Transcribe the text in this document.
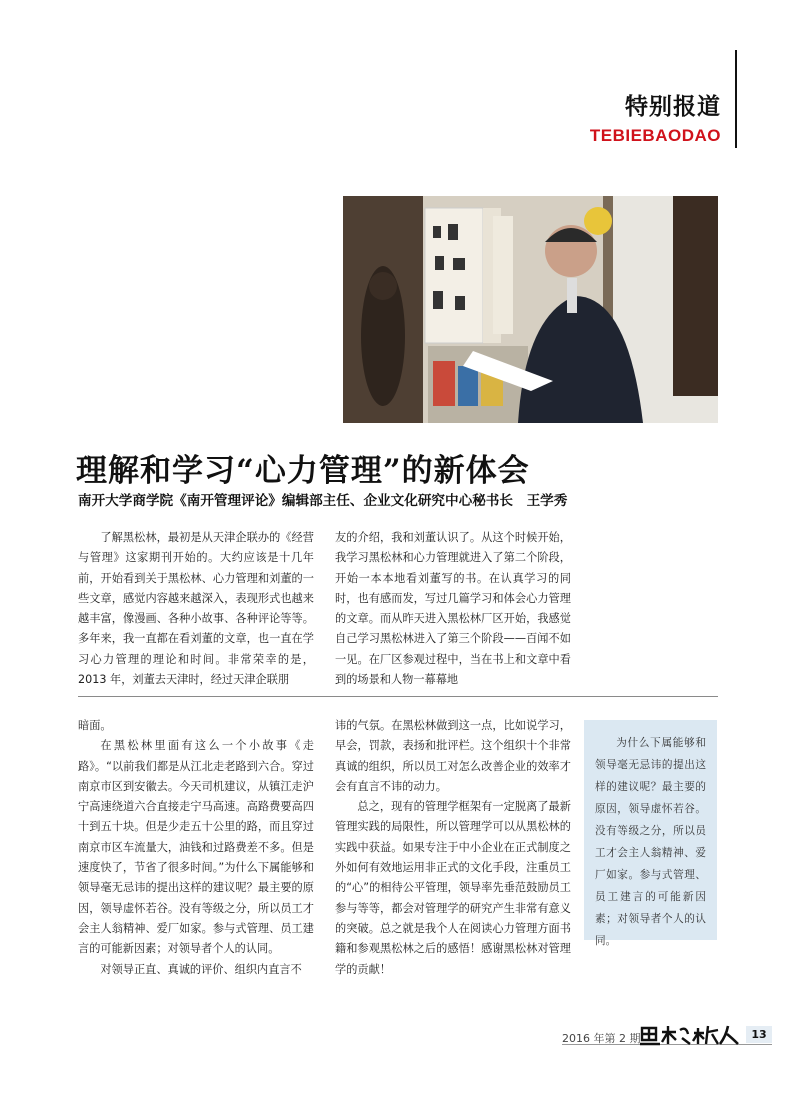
特别报道
TEBIEBAODAO
理解和学习“心力管理”的新体会
南开大学商学院《南开管理评论》编辑部主任、企业文化研究中心秘书长　王学秀

了解黑松林，最初是从天津企联办的《经营与管理》这家期刊开始的。大约应该是十几年前，开始看到关于黑松林、心力管理和刘董的一些文章，感觉内容越来越深入，表现形式也越来越丰富，像漫画、各种小故事、各种评论等等。多年来，我一直都在看刘董的文章，也一直在学习心力管理的理论和时间。非常荣幸的是，2013 年，刘董去天津时，经过天津企联朋

友的介绍，我和刘董认识了。从这个时候开始，我学习黑松林和心力管理就进入了第二个阶段，开始一本本地看刘董写的书。在认真学习的同时，也有感而发，写过几篇学习和体会心力管理的文章。而从昨天进入黑松林厂区开始，我感觉自己学习黑松林进入了第三个阶段——百闻不如一见。在厂区参观过程中，当在书上和文章中看到的场景和人物一幕幕地

暗面。

在黑松林里面有这么一个小故事《走路》。“以前我们都是从江北走老路到六合。穿过南京市区到安徽去。今天司机建议，从镇江走沪宁高速绕道六合直接走宁马高速。高路费要高四十到五十块。但是少走五十公里的路，而且穿过南京市区车流量大，油钱和过路费差不多。但是速度快了，节省了很多时间。”为什么下属能够和领导毫无忌讳的提出这样的建议呢？最主要的原因，领导虚怀若谷。没有等级之分，所以员工才会主人翁精神、爱厂如家。参与式管理、员工建言的可能新因素；对领导者个人的认同。

对领导正直、真诚的评价、组织内直言不

讳的气氛。在黑松林做到这一点，比如说学习，早会，罚款，表扬和批评栏。这个组织十个非常真诚的组织，所以员工对怎么改善企业的效率才会有直言不讳的动力。

总之，现有的管理学框架有一定脱离了最新管理实践的局限性，所以管理学可以从黑松林的实践中获益。如果专注于中小企业在正式制度之外如何有效地运用非正式的文化手段，注重员工的“心”的相待公平管理，领导率先垂范鼓励员工参与等等，都会对管理学的研究产生非常有意义的突破。总之就是我个人在阅读心力管理方面书籍和参观黑松林之后的感悟！感谢黑松林对管理学的贡献！

为什么下属能够和领导毫无忌讳的提出这样的建议呢？最主要的原因，领导虚怀若谷。没有等级之分，所以员工才会主人翁精神、爱厂如家。参与式管理、员工建言的可能新因素；对领导者个人的认同。
2016 年第 2 期	13
